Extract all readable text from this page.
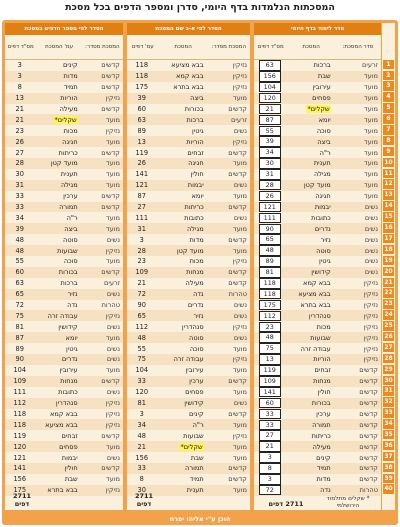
המסכתות הנלמדות בדף היומי, סדרן ומספר הדפים בכל מסכת
1
2
3
4
5
6
7
8
9
10
11
12
13
14
15
16
17
18
19
20
21
22
23
24
25
26
27
28
29
30
31
32
33
34
35
36
37
38
39
40
סדר לימוד בדף היומי
סדר המסכת:
המסכת
מס"ד דפים
זרעים
ברכות
63
מועד
שבת
156
מועד
עירובין
104
מועד
פסחים
120
מועד
שקלים*
21
מועד
יומא
87
מועד
סוכה
55
מועד
ביצה
39
מועד
ר"ה
34
מועד
תענית
30
מועד
מגילה
31
מועד
מועד קטן
28
מועד
חגיגה
26
נשים
יבמות
121
נשים
כתובות
111
נשים
נדרים
90
נשים
נזיר
65
נשים
סוטה
48
נשים
גיטין
89
נשים
קידושין
81
נזיקין
בבא קמא
118
נזיקין
בבא מציעא
118
נזיקין
בבא בתרא
175
נזיקין
סנהדרין
112
נזיקין
מכות
23
נזיקין
שבועות
48
נזיקין
עבודה זרה
75
נזיקין
הוריות
13
קדשים
זבחים
119
קדשים
מנחות
109
קדשים
חולין
141
קדשים
בכורות
60
קדשים
ערכין
33
קדשים
תמורה
33
קדשים
כריתות
27
קדשים
מעילה
21
קדשים
קינים
3
קדשים
תמיד
8
קדשים
מדות
3
טהרות
נדה
72
2711 דפים
* שקלים מתלמוד הירושלמי
הסדר לפי א-ב שם המסכת
המסכת מסדר:
המסכת
עמ' דפים
נזיקין
בבא מציעא
118
נזיקין
בבא קמא
118
נזיקין
בבא בתרא
175
מועד
ביצה
39
קדשים
בכורות
60
זרעים
ברכות
63
נשים
גיטין
89
נזיקין
הוריות
13
קדשים
זבחים
119
מועד
חגיגה
26
קדשים
חולין
141
נשים
יבמות
121
מועד
יומא
87
קדשים
כריתות
27
נשים
כתובות
111
מועד
מגילה
31
קדשים
מדות
3
מועד
מועד קטן
28
נזיקין
מכות
23
קדשים
מנחות
109
קדשים
מעילה
21
טהרות
נדה
72
נשים
נדרים
90
נשים
נזיר
65
נזיקין
סנהדרין
112
נשים
סוטה
48
מועד
סוכה
55
נזיקין
עבודה זרה
75
מועד
עירובין
104
קדשים
ערכין
33
מועד
פסחים
120
נשים
קידושין
81
קדשים
קינים
3
מועד
ר"ה
34
נזיקין
שבועות
48
מועד
שקלים*
21
מועד
שבת
156
קדשים
תמורה
33
קדשים
תמיד
8
מועד
תענית
30
2711 דפים
הסדר לפי מספר הדפים במסכת
המסכת מסדר:
עמ' המסכת
מס"ד דפים
קדשים
קינים
3
קדשים
מדות
3
קדשים
תמיד
8
נזיקין
הוריות
13
קדשים
מעילה
21
מועד
שקלים*
21
נזיקין
מכות
23
מועד
חגיגה
26
קדשים
כריתות
27
מועד
מועד קטן
28
מועד
תענית
30
מועד
מגילה
31
קדשים
ערכין
33
קדשים
תמורה
33
מועד
ר"ה
34
מועד
ביצה
39
נשים
סוטה
48
נזיקין
שבועות
48
מועד
סוכה
55
קדשים
בכורות
60
זרעים
ברכות
63
נשים
נזיר
65
טהרות
נדה
72
נזיקין
עבודה זרה
75
נשים
קידושין
81
מועד
יומא
87
נשים
גיטין
89
נשים
נדרים
90
מועד
עירובין
104
קדשים
מנחות
109
נשים
כתובות
111
נזיקין
סנהדרין
112
נזיקין
בבא קמא
118
נזיקין
בבא מציעא
118
קדשים
זבחים
119
מועד
פסחים
120
נשים
יבמות
121
קדשים
חולין
141
מועד
שבת
156
נזיקין
בבא בתרא
175
2711 דפים
הוכן ע"י אליהו יפרח
